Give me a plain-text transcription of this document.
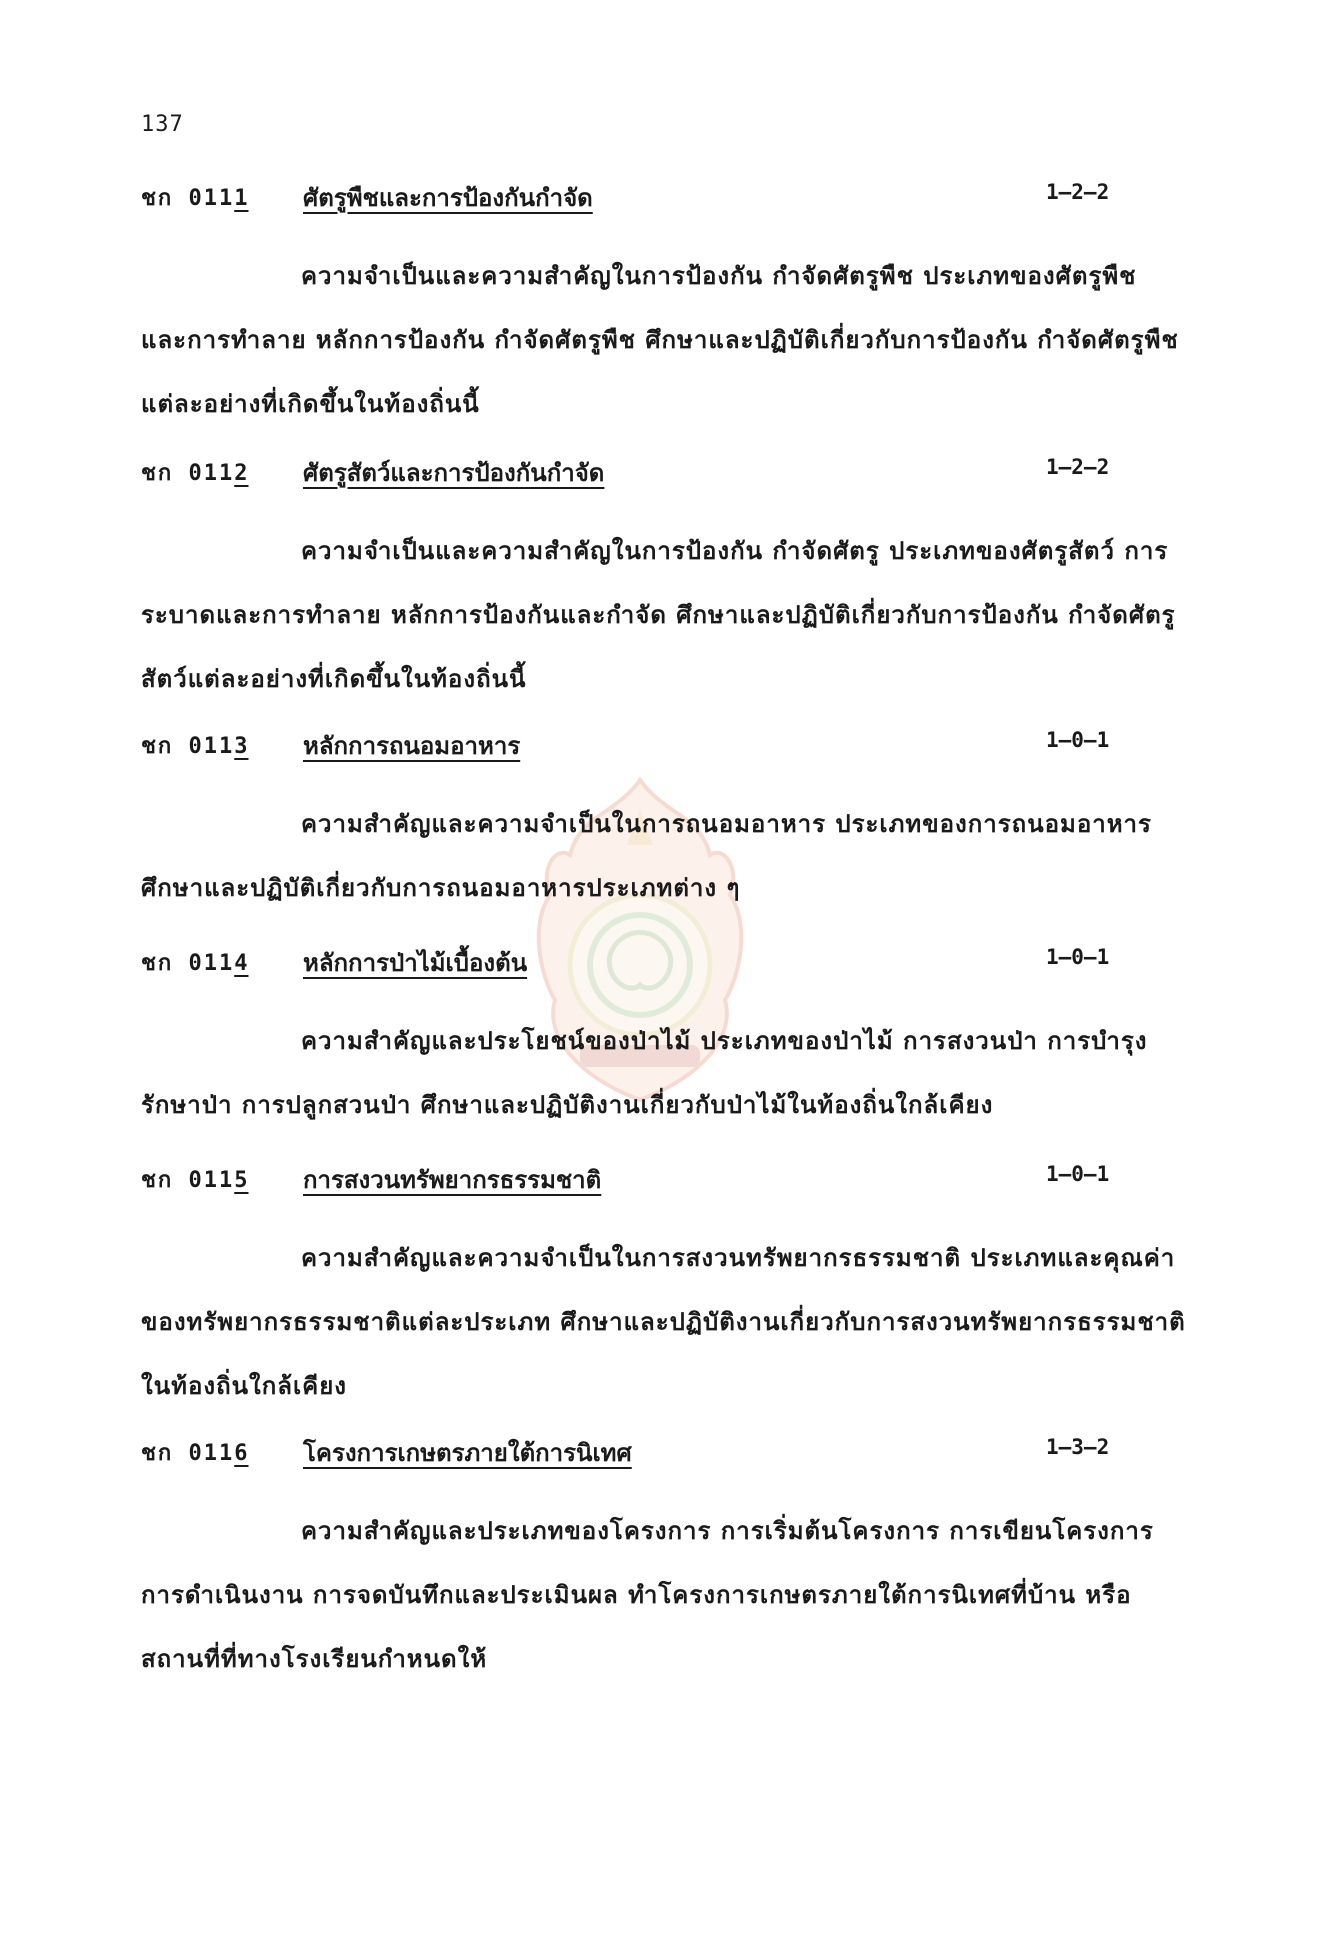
137
ชก 0111 ศัตรูพืชและการป้องกันกำจัด	1–2–2
ความจำเป็นและความสำคัญในการป้องกัน กำจัดศัตรูพืช ประเภทของศัตรูพืช และการทำลาย หลักการป้องกัน กำจัดศัตรูพืช ศึกษาและปฏิบัติเกี่ยวกับการป้องกัน กำจัดศัตรูพืชแต่ละอย่างที่เกิดขึ้นในท้องถิ่นนี้
ชก 0112 ศัตรูสัตว์และการป้องกันกำจัด	1–2–2
ความจำเป็นและความสำคัญในการป้องกัน กำจัดศัตรู ประเภทของศัตรูสัตว์ การระบาดและการทำลาย หลักการป้องกันและกำจัด ศึกษาและปฏิบัติเกี่ยวกับการป้องกัน กำจัดศัตรูสัตว์แต่ละอย่างที่เกิดขึ้นในท้องถิ่นนี้
ชก 0113 หลักการถนอมอาหาร	1–0–1
ความสำคัญและความจำเป็นในการถนอมอาหาร ประเภทของการถนอมอาหาร ศึกษาและปฏิบัติเกี่ยวกับการถนอมอาหารประเภทต่าง ๆ
ชก 0114 หลักการป่าไม้เบื้องต้น	1–0–1
ความสำคัญและประโยชน์ของป่าไม้ ประเภทของป่าไม้ การสงวนป่า การบำรุงรักษาป่า การปลูกสวนป่า ศึกษาและปฏิบัติงานเกี่ยวกับป่าไม้ในท้องถิ่นใกล้เคียง
ชก 0115 การสงวนทรัพยากรธรรมชาติ	1–0–1
ความสำคัญและความจำเป็นในการสงวนทรัพยากรธรรมชาติ ประเภทและคุณค่าของทรัพยากรธรรมชาติแต่ละประเภท ศึกษาและปฏิบัติงานเกี่ยวกับการสงวนทรัพยากรธรรมชาติในท้องถิ่นใกล้เคียง
ชก 0116 โครงการเกษตรภายใต้การนิเทศ	1–3–2
ความสำคัญและประเภทของโครงการ การเริ่มต้นโครงการ การเขียนโครงการ การดำเนินงาน การจดบันทึกและประเมินผล ทำโครงการเกษตรภายใต้การนิเทศที่บ้าน หรือสถานที่ที่ทางโรงเรียนกำหนดให้
